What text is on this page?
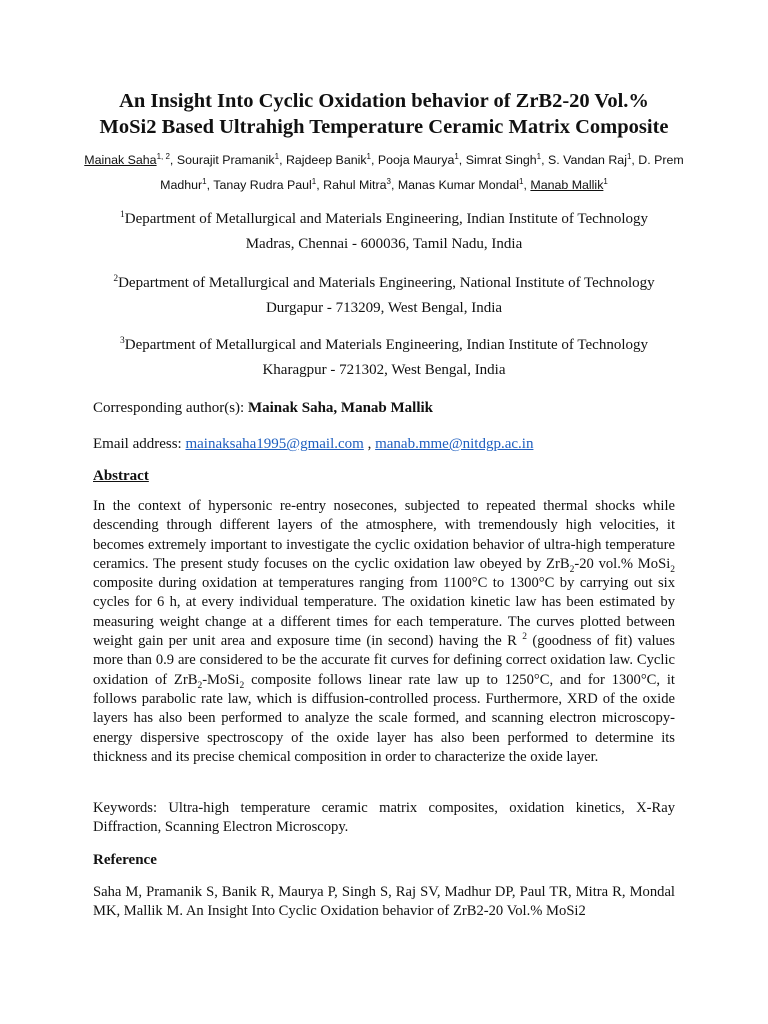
An Insight Into Cyclic Oxidation behavior of ZrB2-20 Vol.%
MoSi2 Based Ultrahigh Temperature Ceramic Matrix Composite
Mainak Saha$^{1, 2}$, Sourajit Pramanik$^1$, Rajdeep Banik$^1$, Pooja Maurya$^1$, Simrat Singh$^1$, S. Vandan Raj$^1$, D. Prem Madhur$^1$, Tanay Rudra Paul$^1$, Rahul Mitra$^3$, Manas Kumar Mondal$^1$, Manab Mallik$^1$
$^1$Department of Metallurgical and Materials Engineering, Indian Institute of Technology
Madras, Chennai - 600036, Tamil Nadu, India
$^2$Department of Metallurgical and Materials Engineering, National Institute of Technology
Durgapur - 713209, West Bengal, India
$^3$Department of Metallurgical and Materials Engineering, Indian Institute of Technology
Kharagpur - 721302, West Bengal, India
Corresponding author(s): Mainak Saha, Manab Mallik
Email address: mainaksaha1995@gmail.com , manab.mme@nitdgp.ac.in
Abstract
In the context of hypersonic re-entry nosecones, subjected to repeated thermal shocks while descending through different layers of the atmosphere, with tremendously high velocities, it becomes extremely important to investigate the cyclic oxidation behavior of ultra-high temperature ceramics. The present study focuses on the cyclic oxidation law obeyed by ZrB$_2$-20 vol.% MoSi$_2$ composite during oxidation at temperatures ranging from 1100°C to 1300°C by carrying out six cycles for 6 h, at every individual temperature. The oxidation kinetic law has been estimated by measuring weight change at a different times for each temperature. The curves plotted between weight gain per unit area and exposure time (in second) having the R $^2$ (goodness of fit) values more than 0.9 are considered to be the accurate fit curves for defining correct oxidation law. Cyclic oxidation of ZrB$_2$-MoSi$_2$ composite follows linear rate law up to 1250°C, and for 1300°C, it follows parabolic rate law, which is diffusion-controlled process. Furthermore, XRD of the oxide layers has also been performed to analyze the scale formed, and scanning electron microscopy-energy dispersive spectroscopy of the oxide layer has also been performed to determine its thickness and its precise chemical composition in order to characterize the oxide layer.
Keywords: Ultra-high temperature ceramic matrix composites, oxidation kinetics, X-Ray Diffraction, Scanning Electron Microscopy.
Reference
Saha M, Pramanik S, Banik R, Maurya P, Singh S, Raj SV, Madhur DP, Paul TR, Mitra R, Mondal MK, Mallik M. An Insight Into Cyclic Oxidation behavior of ZrB2-20 Vol.% MoSi2
